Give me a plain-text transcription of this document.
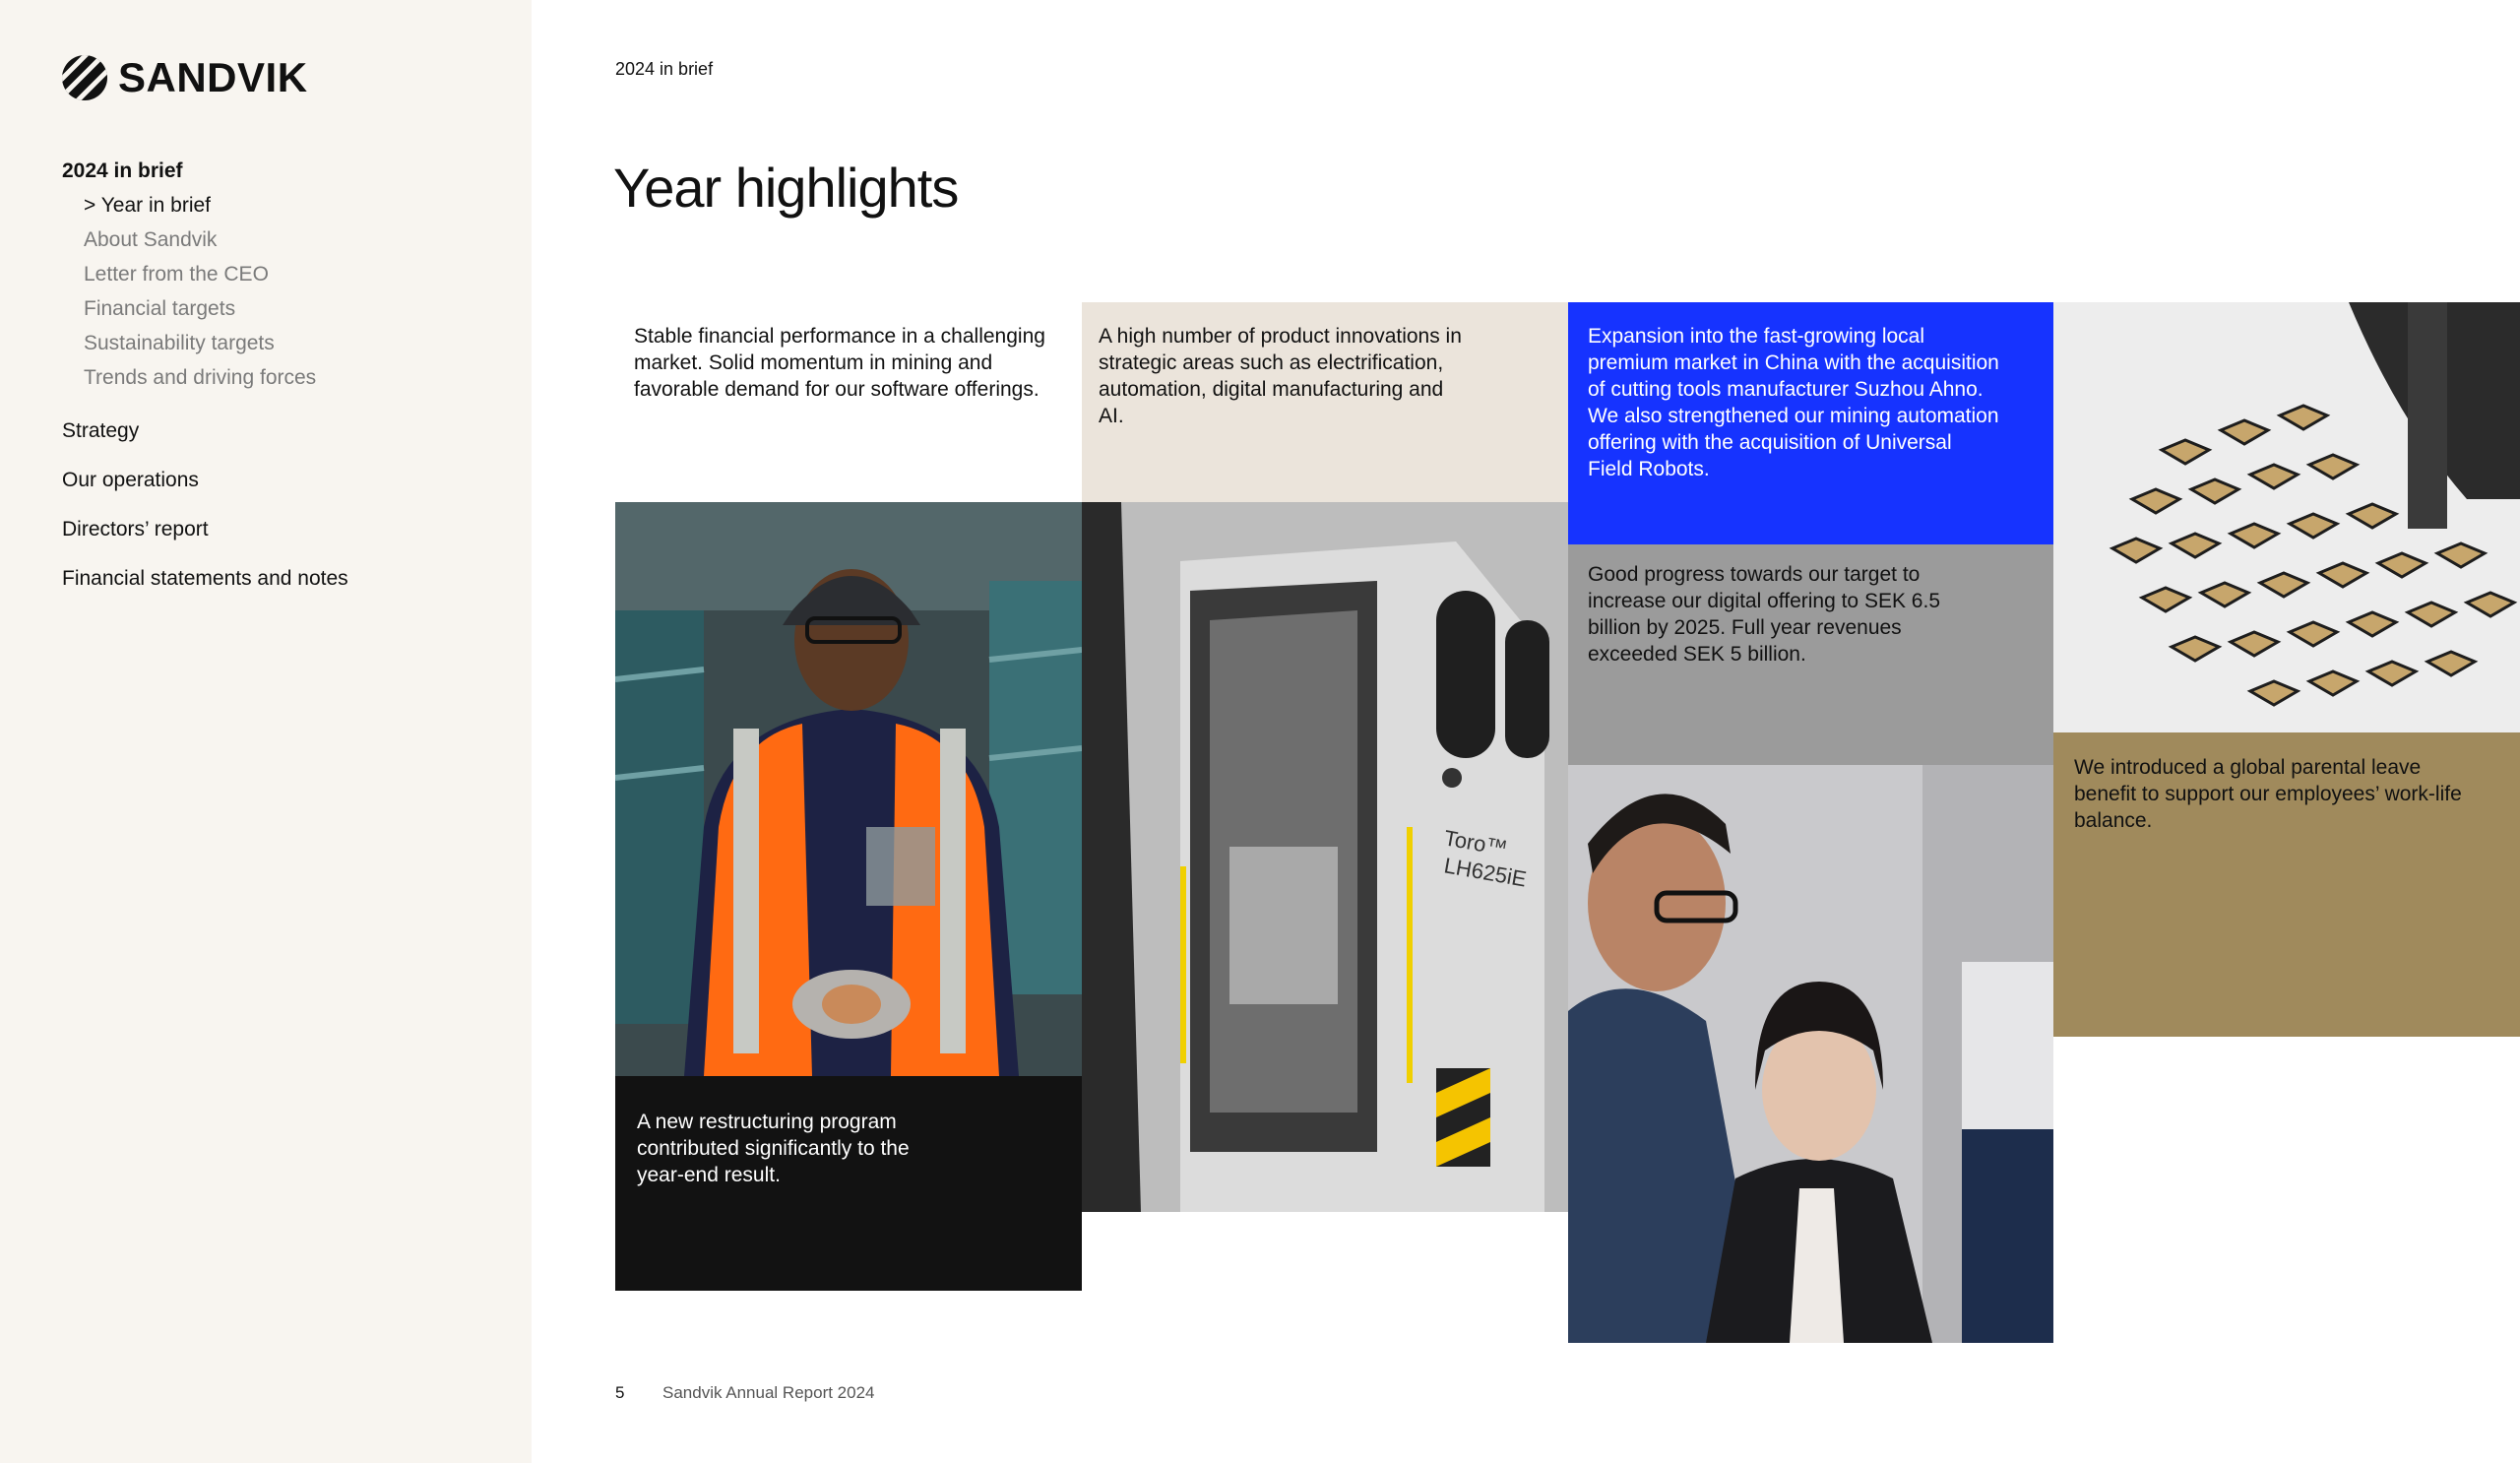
SANDVIK
2024 in brief
> Year in brief
About Sandvik
Letter from the CEO
Financial targets
Sustainability targets
Trends and driving forces
Strategy
Our operations
Directors’ report
Financial statements and notes
2024 in brief
Year highlights

Stable financial performance in a challenging market. Solid momentum in mining and favorable demand for our software offerings.

A new restructuring program contributed significantly to the year-end result.

A high number of product innovations in strategic areas such as electrification, automation, digital manufacturing and AI.

Toro™
LH625iE

Expansion into the fast-growing local premium market in China with the acquisition of cutting tools manufacturer Suzhou Ahno. We also strengthened our mining automation offering with the acquisition of Universal Field Robots.

Good progress towards our target to increase our digital offering to SEK 6.5 billion by 2025. Full year revenues exceeded SEK 5 billion.

We introduced a global parental leave benefit to support our employees’ work-life balance.

5 Sandvik Annual Report 2024
